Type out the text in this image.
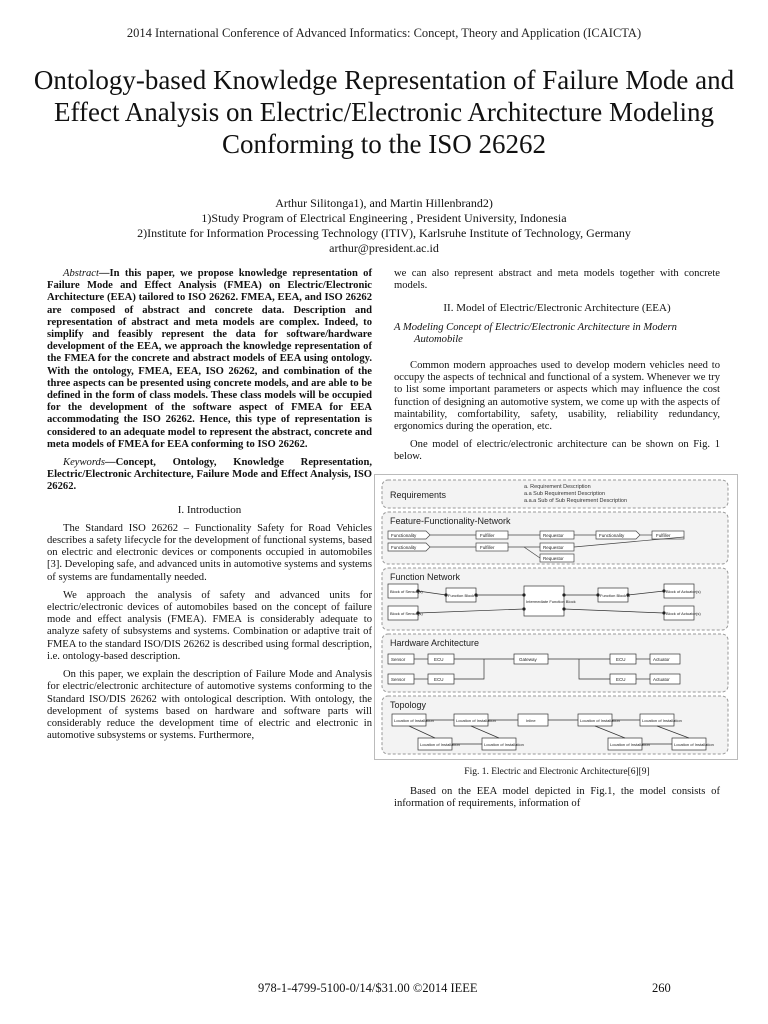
2014 International Conference of Advanced Informatics: Concept, Theory and Application (ICAICTA)
Ontology-based Knowledge Representation of Failure Mode and Effect Analysis on Electric/Electronic Architecture Modeling Conforming to the ISO 26262
Arthur Silitonga1), and Martin Hillenbrand2)
1)Study Program of Electrical Engineering , President University, Indonesia
2)Institute for Information Processing Technology (ITIV), Karlsruhe Institute of Technology, Germany
arthur@president.ac.id

Abstract—In this paper, we propose knowledge representation of Failure Mode and Effect Analysis (FMEA) on Electric/Electronic Architecture (EEA) tailored to ISO 26262. FMEA, EEA, and ISO 26262 are composed of abstract and concrete data. Description and representation of abstract and meta models are complex. Indeed, to simplify and feasibly represent the data for software/hardware development of the EEA, we approach the knowledge representation of the FMEA for the concrete and abstract models of EEA using ontology. With the ontology, FMEA, EEA, ISO 26262, and combination of the three aspects can be presented using concrete models, and are able to be defined in the form of class models. These class models will be occupied for the development of the software aspect of FMEA for EEA accommodating the ISO 26262. Hence, this type of representation is considered to an adequate model to represent the abstract, concrete and meta models of FMEA for EEA conforming to ISO 26262.

Keywords—Concept, Ontology, Knowledge Representation, Electric/Electronic Architecture, Failure Mode and Effect Analysis, ISO 26262.

I. Introduction

The Standard ISO 26262 – Functionality Safety for Road Vehicles describes a safety lifecycle for the development of functional systems, based on electric and electronic devices or components occupied in automobiles [3]. Developing safe, and advanced units in automotive systems and systems of systems are fundamentally needed.

We approach the analysis of safety and advanced units for electric/electronic devices of automobiles based on the concept of failure mode and effect analysis (FMEA). FMEA is considerably adequate to analyze safety of subsystems and systems. Combination or adaptive trait of FMEA to the standard ISO/DIS 26262 is described using formal description, i.e. ontology-based description.

On this paper, we explain the description of Failure Mode and Analysis for electric/electronic architecture of automotive systems conforming to the Standard ISO/DIS 26262 with ontological description. With ontology, the development of systems based on hardware and software parts will considerably reduce the development time of electric and electronic in automotive subsystems or systems. Furthermore,

we can also represent abstract and meta models together with concrete models.

II. Model of Electric/Electronic Architecture (EEA)

A Modeling Concept of Electric/Electronic Architecture in Modern Automobile

Common modern approaches used to develop modern vehicles need to occupy the aspects of technical and functional of a system. Whenever we try to list some important parameters or aspects which may influence the cost function of designing an automotive system, we come up with the aspects of maintability, comfortability, safety, usability, reliability redundancy, ergonomics during the operation, etc.

One model of electric/electronic architecture can be shown on Fig. 1 below.

Requirements
a. Requirement Description
a.a Sub Requirement Description
a.a.a Sub of Sub Requirement Description
Feature-Functionality-Network
Functionality	Fulfiller	Requestor	Functionality	Fulfiller
Functionality	Fulfiller	Requestor
Requestor
Function Network
Block of Sensor(s)
Block of Sensor(s)
Function Block B
Intermediate Function Block
Function Block A
Block of Actuator(s)
Block of Actuator(s)
Hardware Architecture
Sensor	ECU
Sensor	ECU
Gateway	ECU	Actuator
ECU	Actuator
Topology
Location of Installation	Location of Installation	Inline	Location of Installation	Location of Installation
Location of Installation	Location of Installation	Location of Installation	Location of Installation
Fig. 1. Electric and Electronic Architecture[6][9]

Based on the EEA model depicted in Fig.1, the model consists of information of requirements, information of

978-1-4799-5100-0/14/$31.00 ©2014 IEEE	260
